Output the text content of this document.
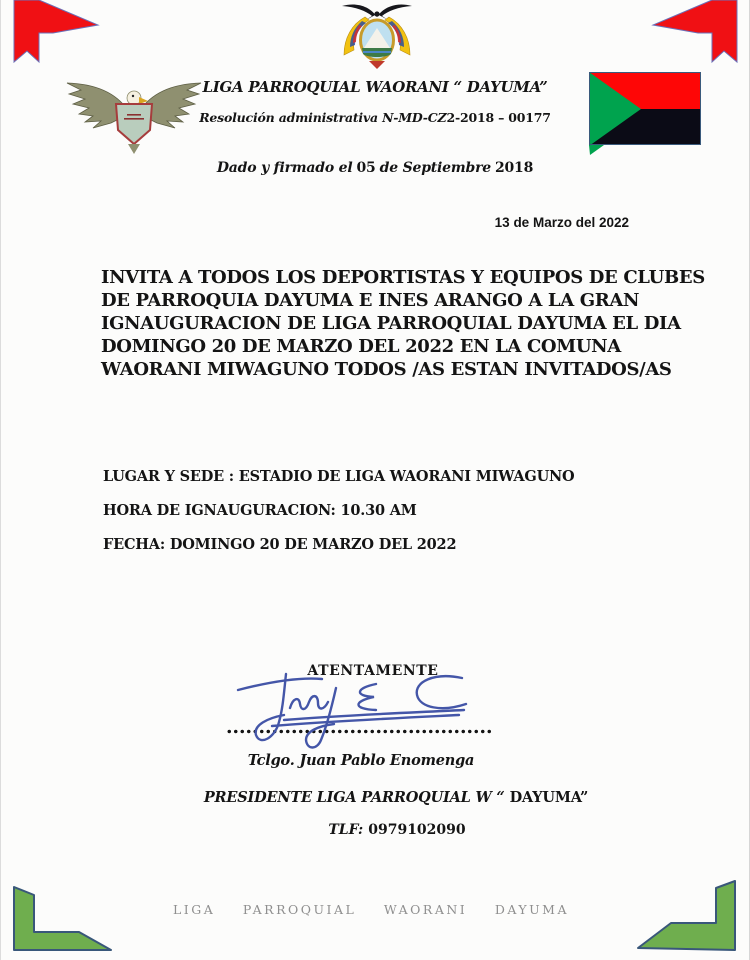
LIGA PARROQUIAL WAORANI “ DAYUMA”
Resolución administrativa N-MD-CZ2-2018 – 00177
Dado y firmado el 05 de Septiembre 2018
13 de Marzo del 2022
INVITA A TODOS LOS DEPORTISTAS Y EQUIPOS DE CLUBES
DE PARROQUIA DAYUMA E INES ARANGO A LA GRAN
IGNAUGURACION DE LIGA PARROQUIAL DAYUMA EL DIA
DOMINGO 20 DE MARZO DEL 2022 EN LA COMUNA
WAORANI MIWAGUNO TODOS /AS ESTAN INVITADOS/AS
LUGAR Y SEDE : ESTADIO DE LIGA WAORANI MIWAGUNO
HORA DE IGNAUGURACION: 10.30 AM
FECHA: DOMINGO 20 DE MARZO DEL 2022
ATENTAMENTE
Tclgo. Juan Pablo Enomenga
PRESIDENTE LIGA PARROQUIAL W “ DAYUMA”
TLF: 0979102090
LIGA PARROQUIAL WAORANI DAYUMA
